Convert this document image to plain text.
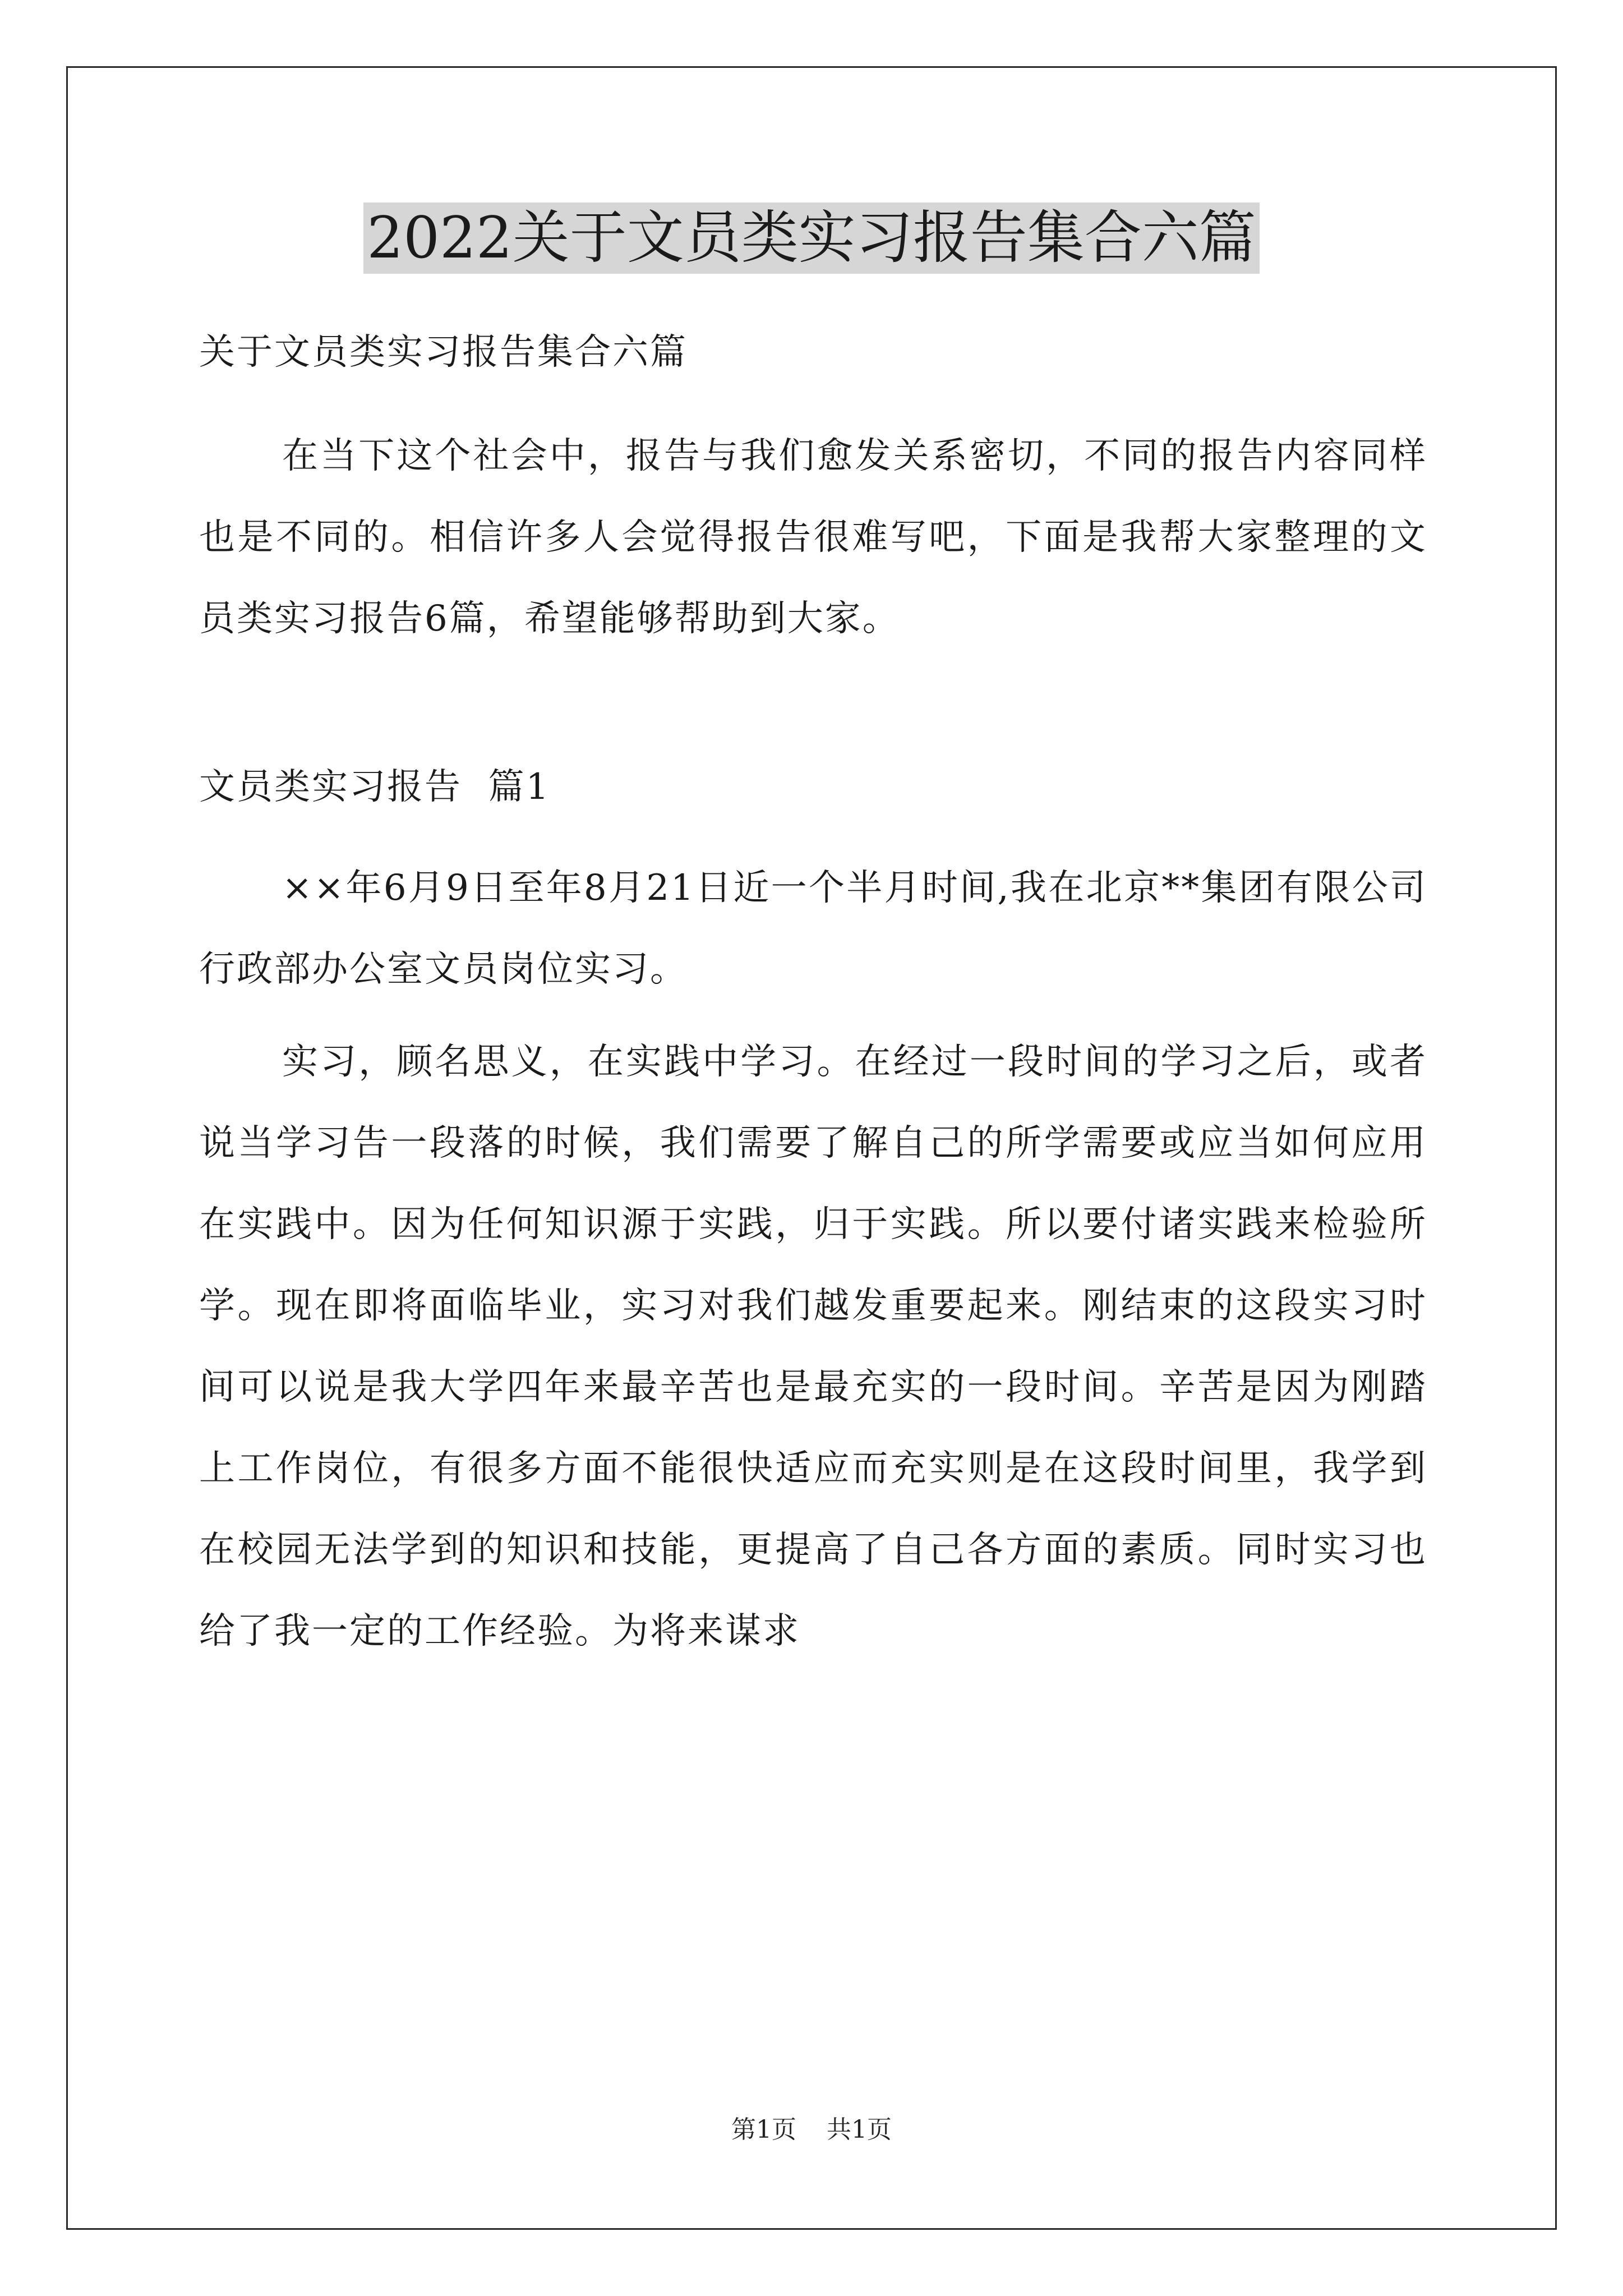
2022关于文员类实习报告集合六篇

关于文员类实习报告集合六篇

在当下这个社会中，报告与我们愈发关系密切，不同的报告内容同样也是不同的。相信许多人会觉得报告很难写吧，下面是我帮大家整理的文员类实习报告6篇，希望能够帮助到大家。

文员类实习报告  篇1

××年6月9日至年8月21日近一个半月时间,我在北京**集团有限公司行政部办公室文员岗位实习。

实习，顾名思义，在实践中学习。在经过一段时间的学习之后，或者说当学习告一段落的时候，我们需要了解自己的所学需要或应当如何应用在实践中。因为任何知识源于实践，归于实践。所以要付诸实践来检验所学。现在即将面临毕业，实习对我们越发重要起来。刚结束的这段实习时间可以说是我大学四年来最辛苦也是最充实的一段时间。辛苦是因为刚踏上工作岗位，有很多方面不能很快适应而充实则是在这段时间里，我学到在校园无法学到的知识和技能，更提高了自己各方面的素质。同时实习也给了我一定的工作经验。为将来谋求

第1页 共1页
